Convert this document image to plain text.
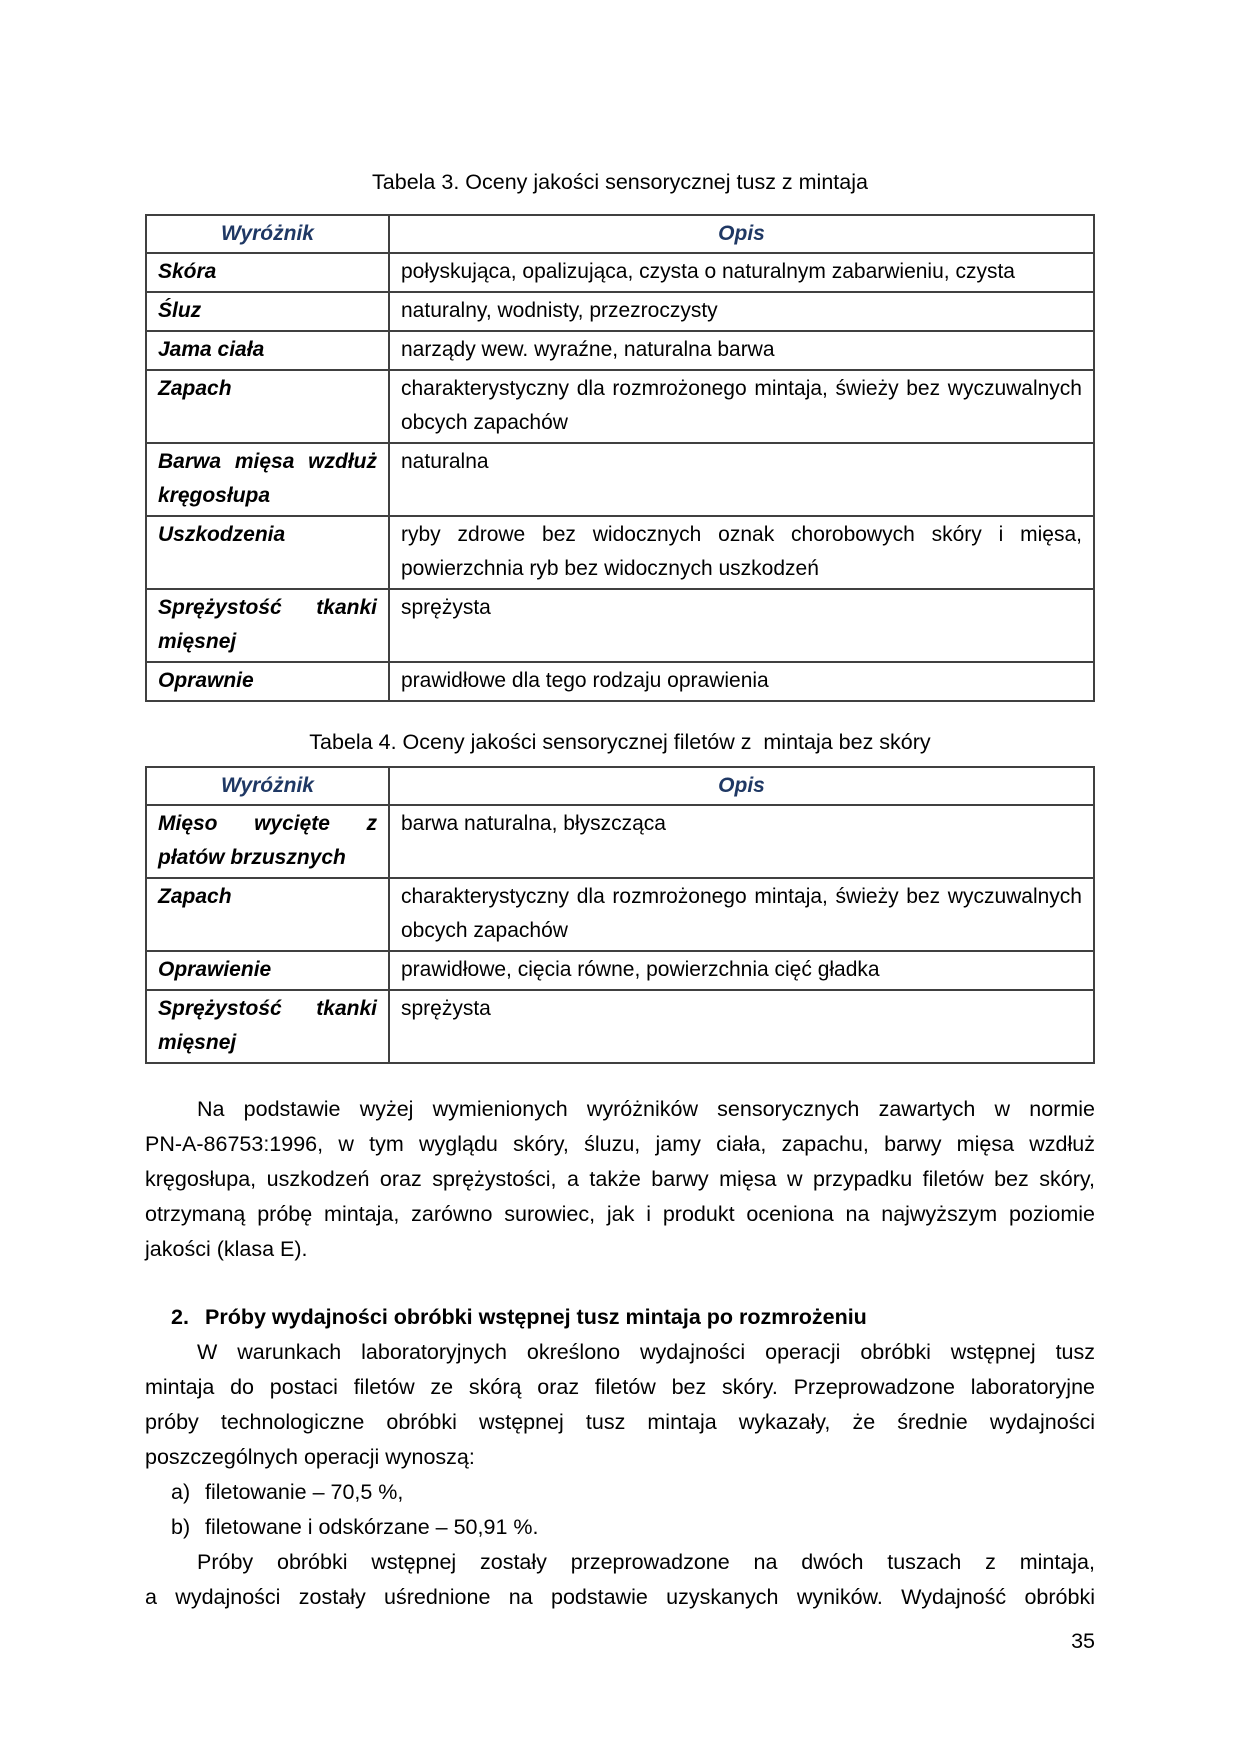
Tabela 3. Oceny jakości sensorycznej tusz z mintaja
Wyróżnik	Opis
Skóra	połyskująca, opalizująca, czysta o naturalnym zabarwieniu, czysta
Śluz	naturalny, wodnisty, przezroczysty
Jama ciała	narządy wew. wyraźne, naturalna barwa
Zapach	charakterystyczny dla rozmrożonego mintaja, świeży bez wyczuwalnych obcych zapachów
Barwa mięsa wzdłuż kręgosłupa	naturalna
Uszkodzenia	ryby zdrowe bez widocznych oznak chorobowych skóry i mięsa, powierzchnia ryb bez widocznych uszkodzeń
Sprężystość tkanki mięsnej	sprężysta
Oprawnie	prawidłowe dla tego rodzaju oprawienia
Tabela 4. Oceny jakości sensorycznej filetów z  mintaja bez skóry
Wyróżnik	Opis
Mięso wycięte z płatów brzusznych	barwa naturalna, błyszcząca
Zapach	charakterystyczny dla rozmrożonego mintaja, świeży bez wyczuwalnych obcych zapachów
Oprawienie	prawidłowe, cięcia równe, powierzchnia cięć gładka
Sprężystość tkanki mięsnej	sprężysta
Na podstawie wyżej wymienionych wyróżników sensorycznych zawartych w normie
PN-A-86753:1996, w tym wyglądu skóry, śluzu, jamy ciała, zapachu, barwy mięsa wzdłuż
kręgosłupa, uszkodzeń oraz sprężystości, a także barwy mięsa w przypadku filetów bez skóry,
otrzymaną próbę mintaja, zarówno surowiec, jak i produkt oceniona na najwyższym poziomie
jakości (klasa E).
2. Próby wydajności obróbki wstępnej tusz mintaja po rozmrożeniu
W warunkach laboratoryjnych określono wydajności operacji obróbki wstępnej tusz
mintaja do postaci filetów ze skórą oraz filetów bez skóry. Przeprowadzone laboratoryjne
próby technologiczne obróbki wstępnej tusz mintaja wykazały, że średnie wydajności
poszczególnych operacji wynoszą:
a) filetowanie – 70,5 %,
b) filetowane i odskórzane – 50,91 %.
Próby obróbki wstępnej zostały przeprowadzone na dwóch tuszach z mintaja,
a wydajności zostały uśrednione na podstawie uzyskanych wyników. Wydajność obróbki
35
